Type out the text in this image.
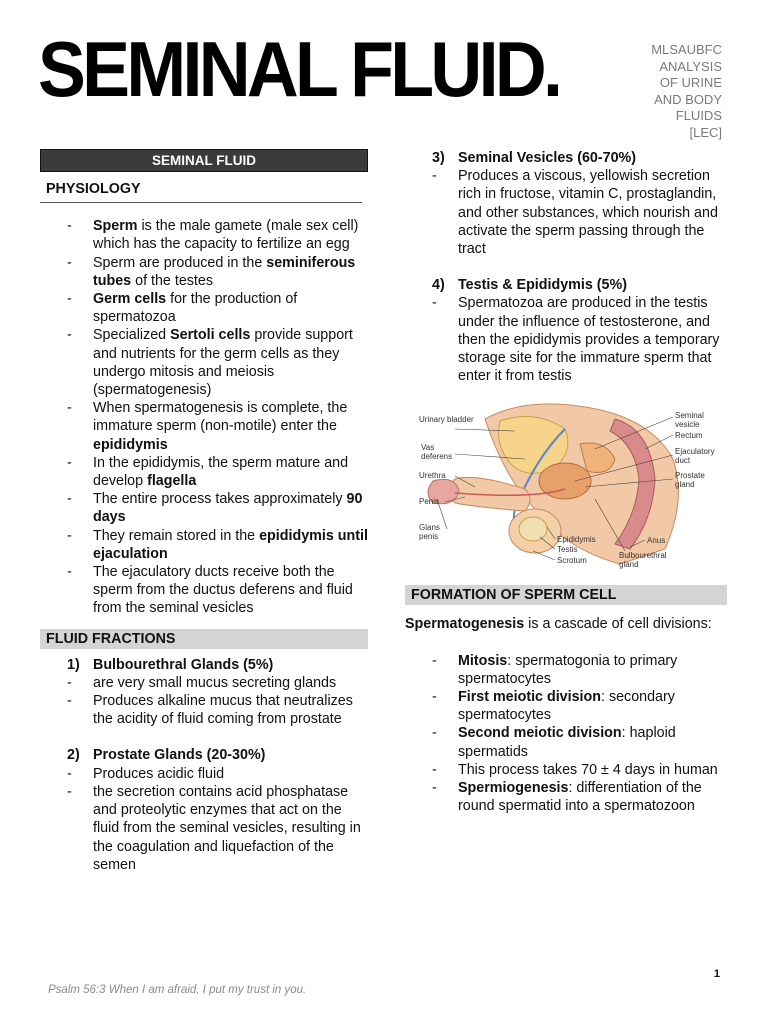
SEMINAL FLUID.	MLSAUBFC
ANALYSIS
OF URINE
AND BODY
FLUIDS
[LEC]
SEMINAL FLUID
PHYSIOLOGY
- Sperm is the male gamete (male sex cell) which has the capacity to fertilize an egg
- Sperm are produced in the seminiferous tubes of the testes
- Germ cells for the production of spermatozoa
- Specialized Sertoli cells provide support and nutrients for the germ cells as they undergo mitosis and meiosis (spermatogenesis)
- When spermatogenesis is complete, the immature sperm (non-motile) enter the epididymis
- In the epididymis, the sperm mature and develop flagella
- The entire process takes approximately 90 days
- They remain stored in the epididymis until ejaculation
- The ejaculatory ducts receive both the sperm from the ductus deferens and fluid from the seminal vesicles
FLUID FRACTIONS
1) Bulbourethral Glands (5%)
- are very small mucus secreting glands
- Produces alkaline mucus that neutralizes the acidity of fluid coming from prostate
2) Prostate Glands (20-30%)
- Produces acidic fluid
- the secretion contains acid phosphatase and proteolytic enzymes that act on the fluid from the seminal vesicles, resulting in the coagulation and liquefaction of the semen
3) Seminal Vesicles (60-70%)
- Produces a viscous, yellowish secretion rich in fructose, vitamin C, prostaglandin, and other substances, which nourish and activate the sperm passing through the tract
4) Testis & Epididymis (5%)
- Spermatozoa are produced in the testis under the influence of testosterone, and then the epididymis provides a temporary storage site for the immature sperm that enter it from testis
Urinary bladder
Vas deferens
Urethra
Penis
Glans penis
Seminal vesicle
Rectum
Ejaculatory duct
Prostate gland
Epididymis
Testis
Scrotum
Anus
Bulbourethral gland
FORMATION OF SPERM CELL

Spermatogenesis is a cascade of cell divisions:

- Mitosis: spermatogonia to primary spermatocytes
- First meiotic division: secondary spermatocytes
- Second meiotic division: haploid spermatids
- This process takes 70 ± 4 days in human
- Spermiogenesis: differentiation of the round spermatid into a spermatozoon
1
Psalm 56:3 When I am afraid, I put my trust in you.
